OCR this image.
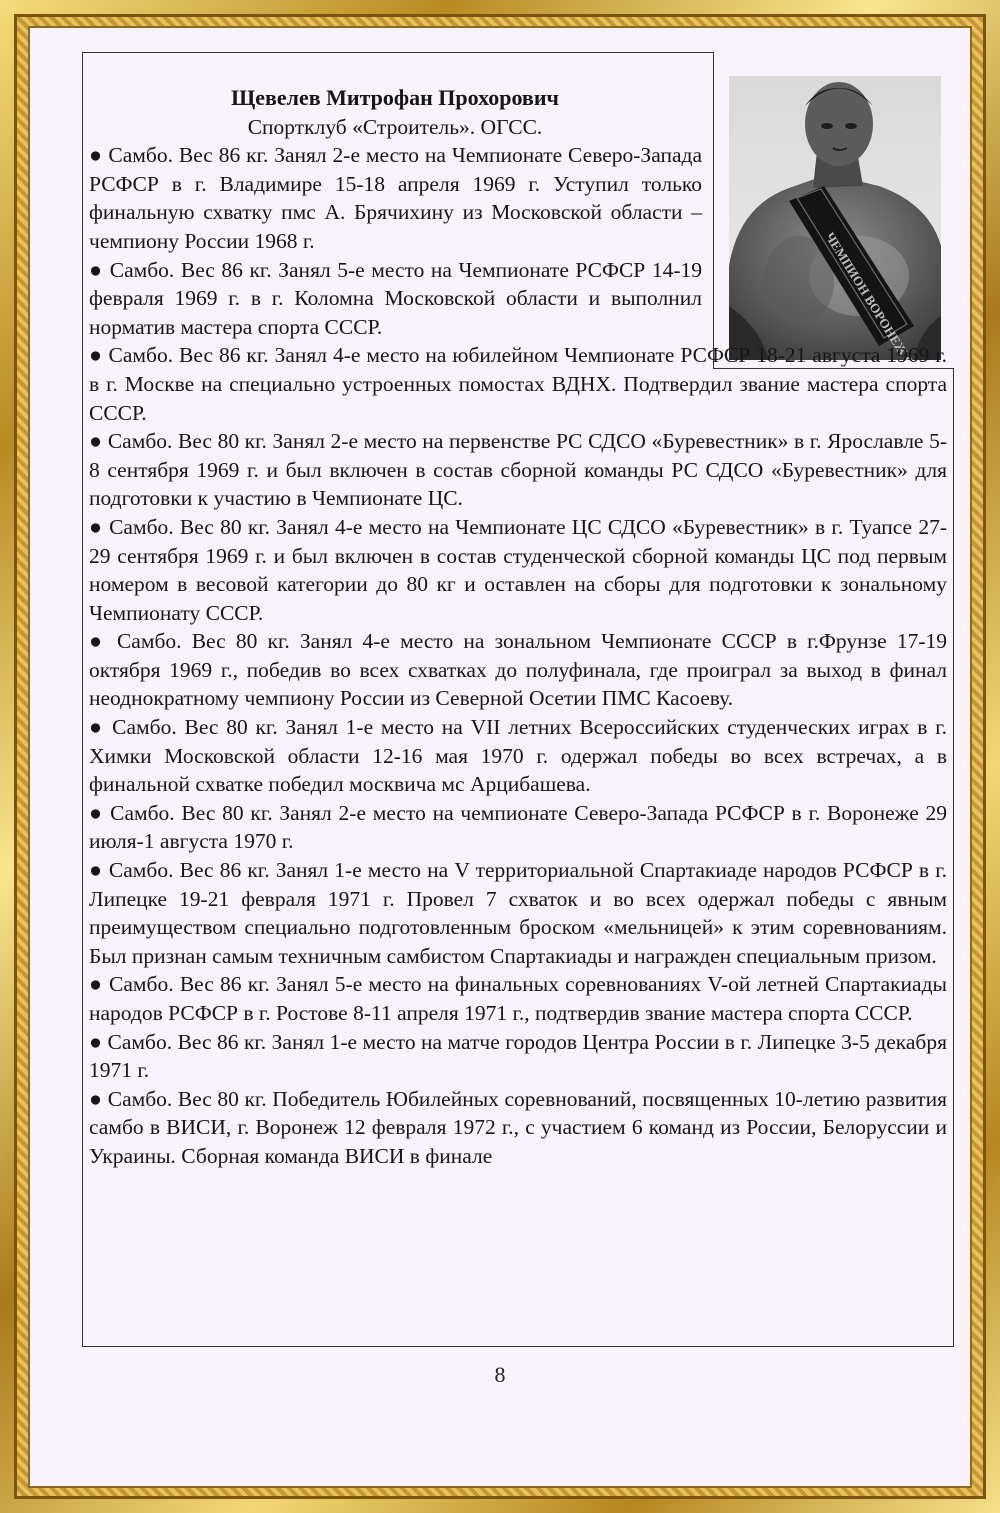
ЧЕМПИОН ВОРОНЕЖ
Щевелев Митрофан Прохорович
Спортклуб «Строитель». ОГСС.

● Самбо. Вес 86 кг. Занял 2-е место на Чемпионате Северо-Запада РСФСР в г. Владимире 15-18 апреля 1969 г. Уступил только финальную схватку пмс А. Брячихину из Московской области – чемпиону России 1968 г.

● Самбо. Вес 86 кг. Занял 5-е место на Чемпионате РСФСР 14-19 февраля 1969 г. в г. Коломна Московской области и выполнил норматив мастера спорта СССР.

● Самбо. Вес 86 кг. Занял 4-е место на юбилейном Чемпионате РСФСР 18-21 августа 1969 г. в г. Москве на специально устроенных помостах ВДНХ. Подтвердил звание мастера спорта СССР.

● Самбо. Вес 80 кг. Занял 2-е место на первенстве РС СДСО «Буревестник» в г. Ярославле 5-8 сентября 1969 г. и был включен в состав сборной команды РС СДСО «Буревестник» для подготовки к участию в Чемпионате ЦС.

● Самбо. Вес 80 кг. Занял 4-е место на Чемпионате ЦС СДСО «Буревестник» в г. Туапсе 27-29 сентября 1969 г. и был включен в состав студенческой сборной команды ЦС под первым номером в весовой категории до 80 кг и оставлен на сборы для подготовки к зональному Чемпионату СССР.

● Самбо. Вес 80 кг. Занял 4-е место на зональном Чемпионате СССР в г.Фрунзе 17-19 октября 1969 г., победив во всех схватках до полуфинала, где проиграл за выход в финал неоднократному чемпиону России из Северной Осетии ПМС Касоеву.

● Самбо. Вес 80 кг. Занял 1-е место на VII летних Всероссийских студенческих играх в г. Химки Московской области 12-16 мая 1970 г. одержал победы во всех встречах, а в финальной схватке победил москвича мс Арцибашева.

● Самбо. Вес 80 кг. Занял 2-е место на чемпионате Северо-Запада РСФСР в г. Воронеже 29 июля-1 августа 1970 г.

● Самбо. Вес 86 кг. Занял 1-е место на V территориальной Спартакиаде народов РСФСР в г. Липецке 19-21 февраля 1971 г. Провел 7 схваток и во всех одержал победы с явным преимуществом специально подготовленным броском «мельницей» к этим соревнованиям. Был признан самым техничным самбистом Спартакиады и награжден специальным призом.

● Самбо. Вес 86 кг. Занял 5-е место на финальных соревнованиях V-ой летней Спартакиады народов РСФСР в г. Ростове 8-11 апреля 1971 г., подтвердив звание мастера спорта СССР.

● Самбо. Вес 86 кг. Занял 1-е место на матче городов Центра России в г. Липецке 3-5 декабря 1971 г.

● Самбо. Вес 80 кг. Победитель Юбилейных соревнований, посвященных 10-летию развития самбо в ВИСИ, г. Воронеж 12 февраля 1972 г., с участием 6 команд из России, Белоруссии и Украины. Сборная команда ВИСИ в финале

8
